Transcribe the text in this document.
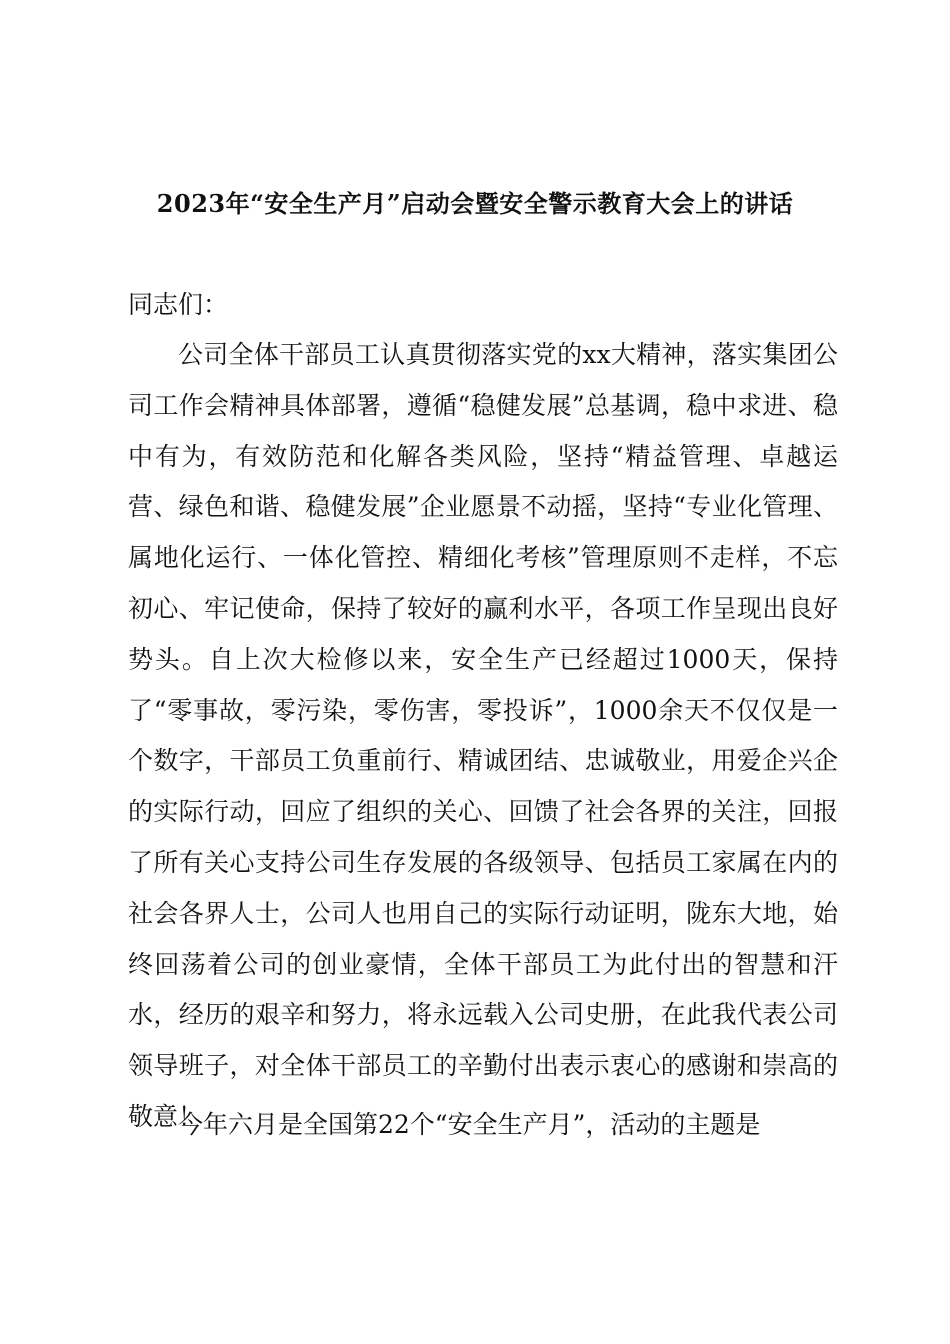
2023年“安全生产月”启动会暨安全警示教育大会上的讲话
同志们：

公司全体干部员工认真贯彻落实党的xx大精神，落实集团公司工作会精神具体部署，遵循“稳健发展”总基调，稳中求进、稳中有为，有效防范和化解各类风险，坚持“精益管理、卓越运营、绿色和谐、稳健发展”企业愿景不动摇，坚持“专业化管理、属地化运行、一体化管控、精细化考核”管理原则不走样，不忘初心、牢记使命，保持了较好的赢利水平，各项工作呈现出良好势头。自上次大检修以来，安全生产已经超过1000天，保持了“零事故，零污染，零伤害，零投诉”，1000余天不仅仅是一个数字，干部员工负重前行、精诚团结、忠诚敬业，用爱企兴企的实际行动，回应了组织的关心、回馈了社会各界的关注，回报了所有关心支持公司生存发展的各级领导、包括员工家属在内的社会各界人士，公司人也用自己的实际行动证明，陇东大地，始终回荡着公司的创业豪情，全体干部员工为此付出的智慧和汗水，经历的艰辛和努力，将永远载入公司史册，在此我代表公司领导班子，对全体干部员工的辛勤付出表示衷心的感谢和崇高的敬意！

今年六月是全国第22个“安全生产月”，活动的主题是
